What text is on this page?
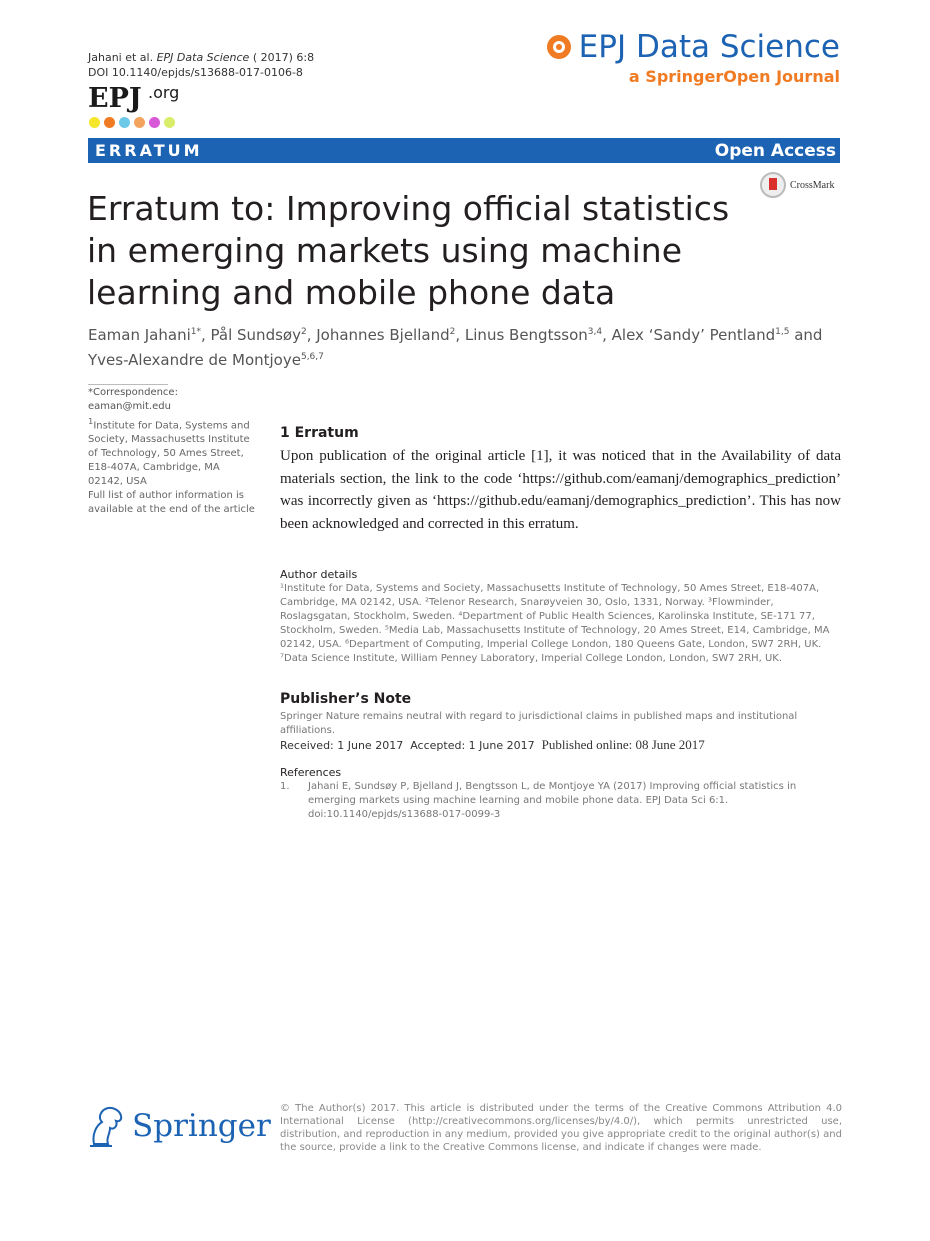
Jahani et al. EPJ Data Science ( 2017) 6:8
DOI 10.1140/epjds/s13688-017-0106-8
EPJ .org
EPJ Data Science
a SpringerOpen Journal
ERRATUM	Open Access
CrossMark
Erratum to: Improving official statistics in emerging markets using machine learning and mobile phone data
Eaman Jahani$^{1*}$, Pål Sundsøy$^2$, Johannes Bjelland$^2$, Linus Bengtsson$^{3,4}$, Alex ‘Sandy’ Pentland$^{1,5}$ and Yves-Alexandre de Montjoye$^{5,6,7}$
*Correspondence: eaman@mit.edu
$^1$Institute for Data, Systems and Society, Massachusetts Institute of Technology, 50 Ames Street, E18-407A, Cambridge, MA 02142, USA
Full list of author information is available at the end of the article
1 Erratum
Upon publication of the original article [1], it was noticed that in the Availability of data materials section, the link to the code ‘https://github.com/eamanj/demographics_prediction’ was incorrectly given as ‘https://github.edu/eamanj/demographics_prediction’. This has now been acknowledged and corrected in this erratum.
Author details
¹Institute for Data, Systems and Society, Massachusetts Institute of Technology, 50 Ames Street, E18-407A, Cambridge, MA 02142, USA. ²Telenor Research, Snarøyveien 30, Oslo, 1331, Norway. ³Flowminder, Roslagsgatan, Stockholm, Sweden. ⁴Department of Public Health Sciences, Karolinska Institute, SE-171 77, Stockholm, Sweden. ⁵Media Lab, Massachusetts Institute of Technology, 20 Ames Street, E14, Cambridge, MA 02142, USA. ⁶Department of Computing, Imperial College London, 180 Queens Gate, London, SW7 2RH, UK. ⁷Data Science Institute, William Penney Laboratory, Imperial College London, London, SW7 2RH, UK.
Publisher’s Note
Springer Nature remains neutral with regard to jurisdictional claims in published maps and institutional affiliations.
Received: 1 June 2017 Accepted: 1 June 2017 Published online: 08 June 2017
References
1.	Jahani E, Sundsøy P, Bjelland J, Bengtsson L, de Montjoye YA (2017) Improving official statistics in emerging markets using machine learning and mobile phone data. EPJ Data Sci 6:1. doi:10.1140/epjds/s13688-017-0099-3
Springer © The Author(s) 2017. This article is distributed under the terms of the Creative Commons Attribution 4.0 International License (http://creativecommons.org/licenses/by/4.0/), which permits unrestricted use, distribution, and reproduction in any medium, provided you give appropriate credit to the original author(s) and the source, provide a link to the Creative Commons license, and indicate if changes were made.
